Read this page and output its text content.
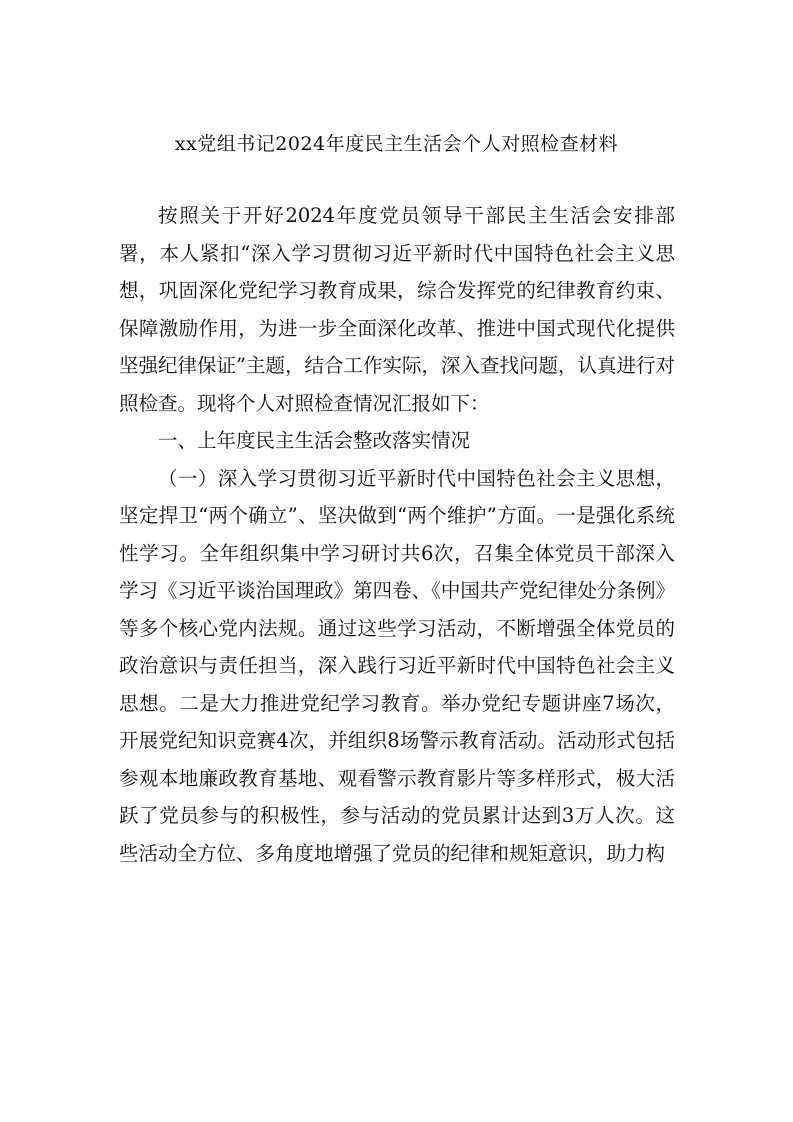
xx党组书记2024年度民主生活会个人对照检查材料

按照关于开好2024年度党员领导干部民主生活会安排部署，本人紧扣“深入学习贯彻习近平新时代中国特色社会主义思想，巩固深化党纪学习教育成果，综合发挥党的纪律教育约束、保障激励作用，为进一步全面深化改革、推进中国式现代化提供坚强纪律保证”主题，结合工作实际，深入查找问题，认真进行对照检查。现将个人对照检查情况汇报如下：

一、上年度民主生活会整改落实情况

（一）深入学习贯彻习近平新时代中国特色社会主义思想，坚定捍卫“两个确立”、坚决做到“两个维护”方面。一是强化系统性学习。全年组织集中学习研讨共6次，召集全体党员干部深入学习《习近平谈治国理政》第四卷、《中国共产党纪律处分条例》等多个核心党内法规。通过这些学习活动，不断增强全体党员的政治意识与责任担当，深入践行习近平新时代中国特色社会主义思想。二是大力推进党纪学习教育。举办党纪专题讲座7场次，开展党纪知识竞赛4次，并组织8场警示教育活动。活动形式包括参观本地廉政教育基地、观看警示教育影片等多样形式，极大活跃了党员参与的积极性，参与活动的党员累计达到3万人次。这些活动全方位、多角度地增强了党员的纪律和规矩意识，助力构
